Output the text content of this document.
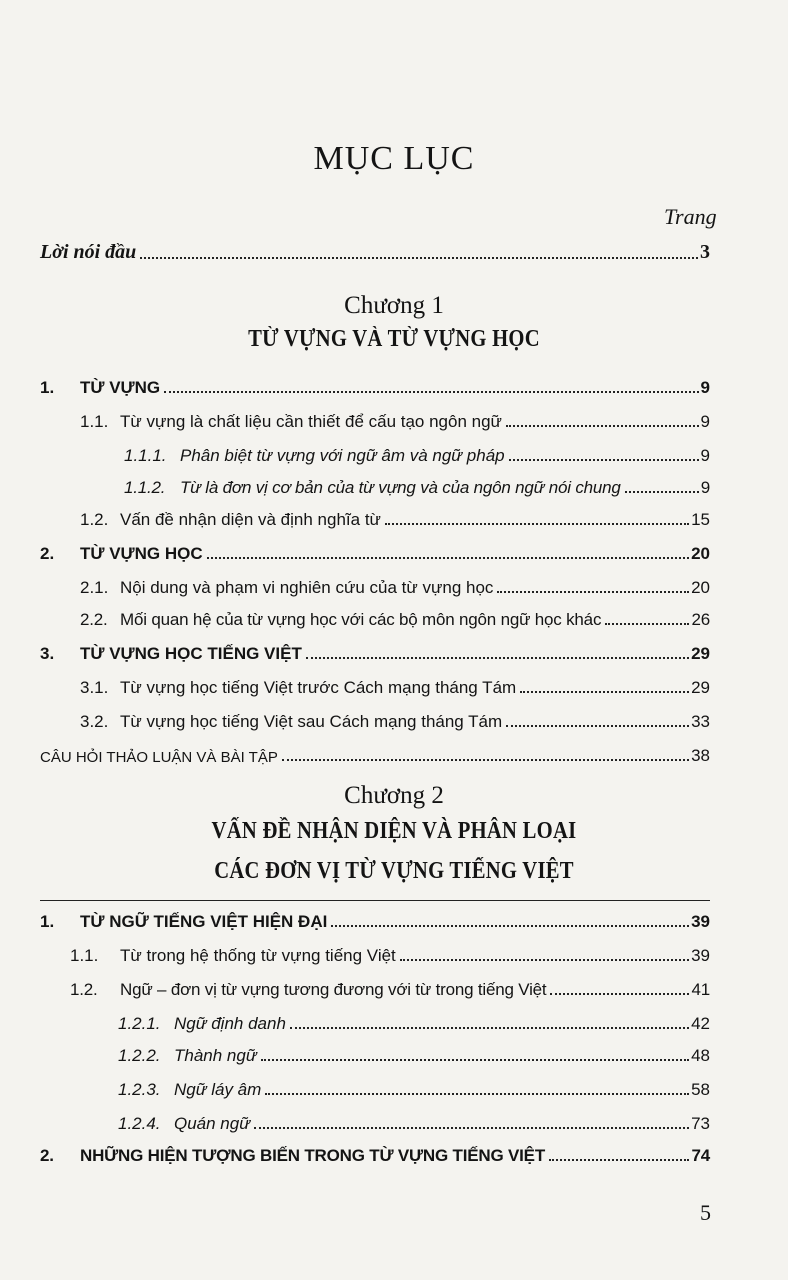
MỤC LỤC
Trang
Lời nói đầu	3
Chương 1
TỪ VỰNG VÀ TỪ VỰNG HỌC
1.	TỪ VỰNG	9
1.1. Từ vựng là chất liệu cần thiết để cấu tạo ngôn ngữ	9
1.1.1. Phân biệt từ vựng với ngữ âm và ngữ pháp	9
1.1.2. Từ là đơn vị cơ bản của từ vựng và của ngôn ngữ nói chung	9
1.2. Vấn đề nhận diện và định nghĩa từ	15
2.	TỪ VỰNG HỌC	20
2.1. Nội dung và phạm vi nghiên cứu của từ vựng học	20
2.2. Mối quan hệ của từ vựng học với các bộ môn ngôn ngữ học khác	26
3.	TỪ VỰNG HỌC TIẾNG VIỆT	29
3.1. Từ vựng học tiếng Việt trước Cách mạng tháng Tám	29
3.2. Từ vựng học tiếng Việt sau Cách mạng tháng Tám	33
CÂU HỎI THẢO LUẬN VÀ BÀI TẬP	38
Chương 2
VẤN ĐỀ NHẬN DIỆN VÀ PHÂN LOẠI
CÁC ĐƠN VỊ TỪ VỰNG TIẾNG VIỆT
1.	TỪ NGỮ TIẾNG VIỆT HIỆN ĐẠI	39
1.1.	Từ trong hệ thống từ vựng tiếng Việt	39
1.2.	Ngữ – đơn vị từ vựng tương đương với từ trong tiếng Việt	41
1.2.1. Ngữ định danh	42
1.2.2. Thành ngữ	48
1.2.3. Ngữ láy âm	58
1.2.4. Quán ngữ	73
2.	NHỮNG HIỆN TƯỢNG BIẾN TRONG TỪ VỰNG TIẾNG VIỆT	74
5
